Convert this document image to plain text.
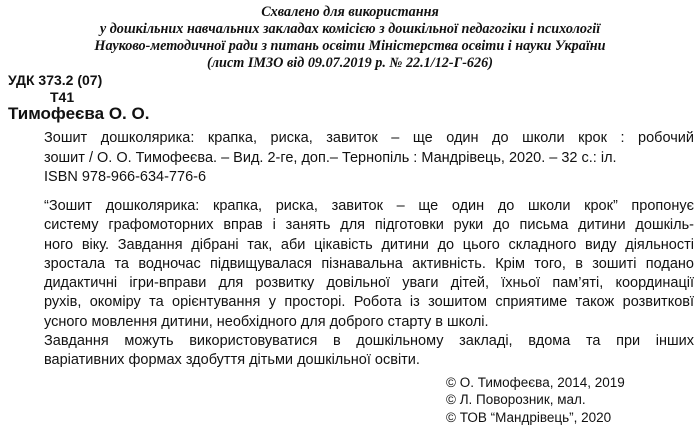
Схвалено для використання
у дошкільних навчальних закладах комісією з дошкільної педагогіки і психології
Науково-методичної ради з питань освіти Міністерства освіти і науки України
(лист ІМЗО від 09.07.2019 р. № 22.1/12-Г-626)
УДК 373.2 (07)
Т41
Тимофеєва О. О.
Зошит дошколярика: крапка, риска, завиток – ще один до школи крок : робочий
зошит / О. О. Тимофеєва. – Вид. 2-ге, доп.– Тернопіль : Мандрівець, 2020. – 32 с.: іл.
ISBN 978-966-634-776-6
“Зошит дошколярика: крапка, риска, завиток – ще один до школи крок” пропонує
систему графомоторних вправ і занять для підготовки руки до письма дитини дошкіль-
ного віку. Завдання дібрані так, аби цікавість дитини до цього складного виду діяльності
зростала та водночас підвищувалася пізнавальна активність. Крім того, в зошиті подано
дидактичні ігри-вправи для розвитку довільної уваги дітей, їхньої пам’яті, координації
рухів, окоміру та орієнтування у просторі. Робота із зошитом сприятиме також розвитковї
усного мовлення дитини, необхідного для доброго старту в школі.
Завдання можуть використовуватися в дошкільному закладі, вдома та при інших
варіативних формах здобуття дітьми дошкільної освіти.
© О. Тимофеєва, 2014, 2019
© Л. Поворозник, мал.
© ТОВ “Мандрівець”, 2020
